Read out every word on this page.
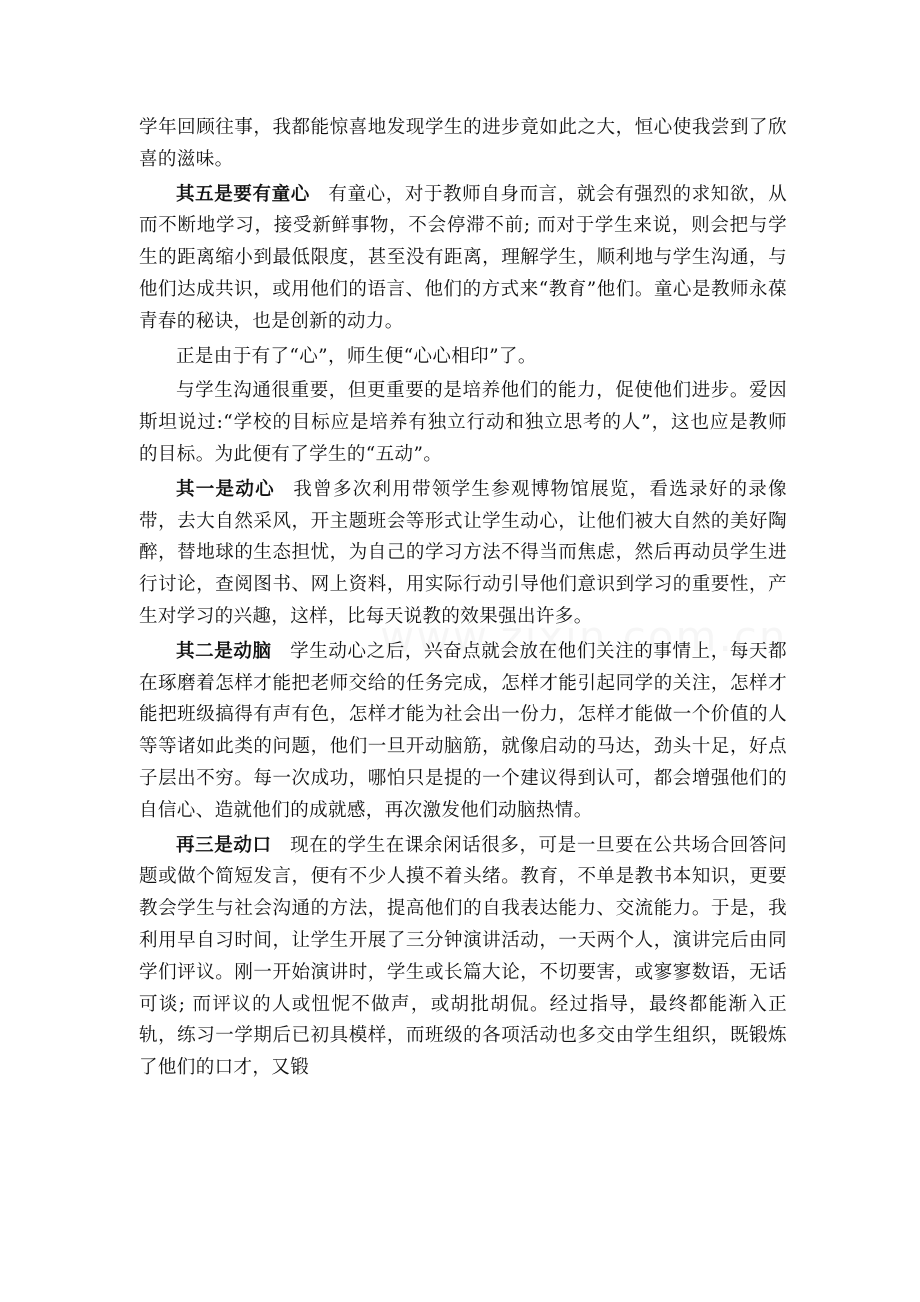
学年回顾往事，我都能惊喜地发现学生的进步竟如此之大，恒心使我尝到了欣喜的滋味。

其五是要有童心 有童心，对于教师自身而言，就会有强烈的求知欲，从而不断地学习，接受新鲜事物，不会停滞不前; 而对于学生来说，则会把与学生的距离缩小到最低限度，甚至没有距离，理解学生，顺利地与学生沟通，与他们达成共识，或用他们的语言、他们的方式来“教育”他们。童心是教师永葆青春的秘诀，也是创新的动力。

正是由于有了“心”，师生便“心心相印”了。

与学生沟通很重要，但更重要的是培养他们的能力，促使他们进步。爱因斯坦说过:“学校的目标应是培养有独立行动和独立思考的人”，这也应是教师的目标。为此便有了学生的“五动”。

其一是动心 我曾多次利用带领学生参观博物馆展览，看选录好的录像带，去大自然采风，开主题班会等形式让学生动心，让他们被大自然的美好陶醉，替地球的生态担忧，为自己的学习方法不得当而焦虑，然后再动员学生进行讨论，查阅图书、网上资料，用实际行动引导他们意识到学习的重要性，产生对学习的兴趣，这样，比每天说教的效果强出许多。

其二是动脑 学生动心之后，兴奋点就会放在他们关注的事情上，每天都在琢磨着怎样才能把老师交给的任务完成，怎样才能引起同学的关注，怎样才能把班级搞得有声有色，怎样才能为社会出一份力，怎样才能做一个价值的人等等诸如此类的问题，他们一旦开动脑筋，就像启动的马达，劲头十足，好点子层出不穷。每一次成功，哪怕只是提的一个建议得到认可，都会增强他们的自信心、造就他们的成就感，再次激发他们动脑热情。

再三是动口 现在的学生在课余闲话很多，可是一旦要在公共场合回答问题或做个简短发言，便有不少人摸不着头绪。教育，不单是教书本知识，更要教会学生与社会沟通的方法，提高他们的自我表达能力、交流能力。于是，我利用早自习时间，让学生开展了三分钟演讲活动，一天两个人，演讲完后由同学们评议。刚一开始演讲时，学生或长篇大论，不切要害，或寥寥数语，无话可谈; 而评议的人或忸怩不做声，或胡批胡侃。经过指导，最终都能渐入正轨，练习一学期后已初具模样，而班级的各项活动也多交由学生组织，既锻炼了他们的口才，又锻
